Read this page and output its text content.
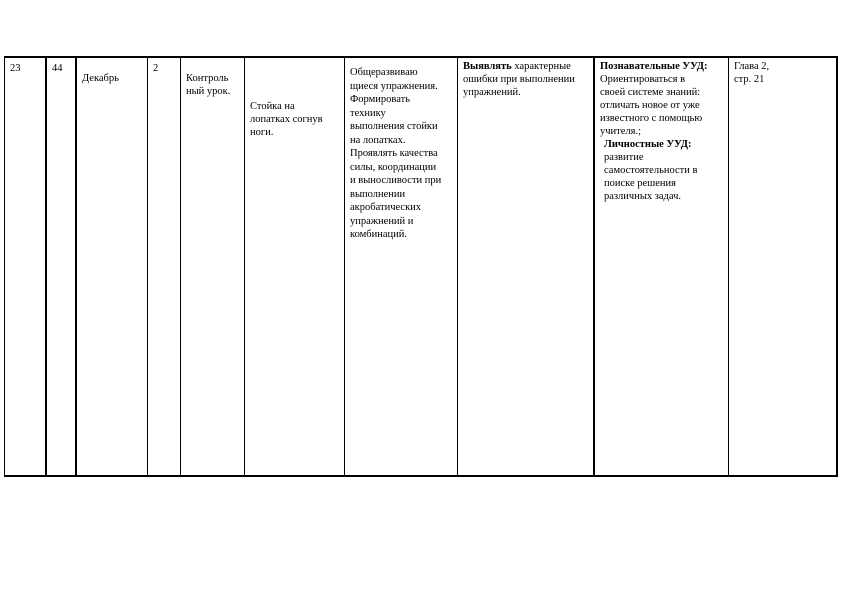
23	44
Декабрь
2
Контроль
ный урок.
Стойка на
лопатках согнув
ноги.
Общеразвиваю
щиеся упражнения.
Формировать
технику
выполнения стойки
на лопатках.
Проявлять качества
силы, координации
и выносливости при
выполнении
акробатических
упражнений и
комбинаций.
Выявлять характерные
ошибки при выполнении
упражнений.
Познавательные УУД:
Ориентироваться в
своей системе знаний:
отличать новое от уже
известного с помощью
учителя.;
Личностные УУД:
развитие
самостоятельности в
поиске решения
различных задач.
Глава 2,
стр. 21
